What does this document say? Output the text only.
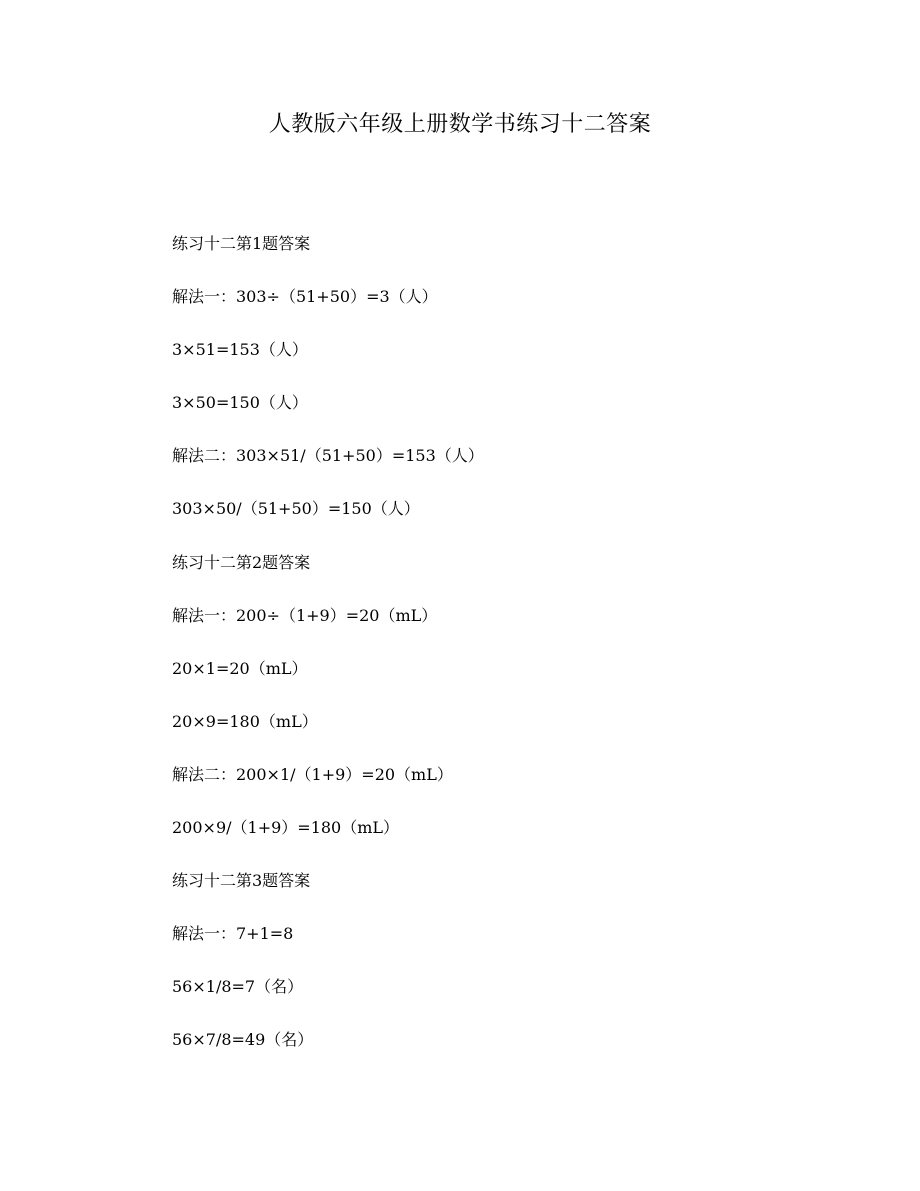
人教版六年级上册数学书练习十二答案
练习十二第1题答案
解法一：303÷（51+50）=3（人）
3×51=153（人）
3×50=150（人）
解法二：303×51/（51+50）=153（人）
303×50/（51+50）=150（人）
练习十二第2题答案
解法一：200÷（1+9）=20（mL）
20×1=20（mL）
20×9=180（mL）
解法二：200×1/（1+9）=20（mL）
200×9/（1+9）=180（mL）
练习十二第3题答案
解法一：7+1=8
56×1/8=7（名）
56×7/8=49（名）
